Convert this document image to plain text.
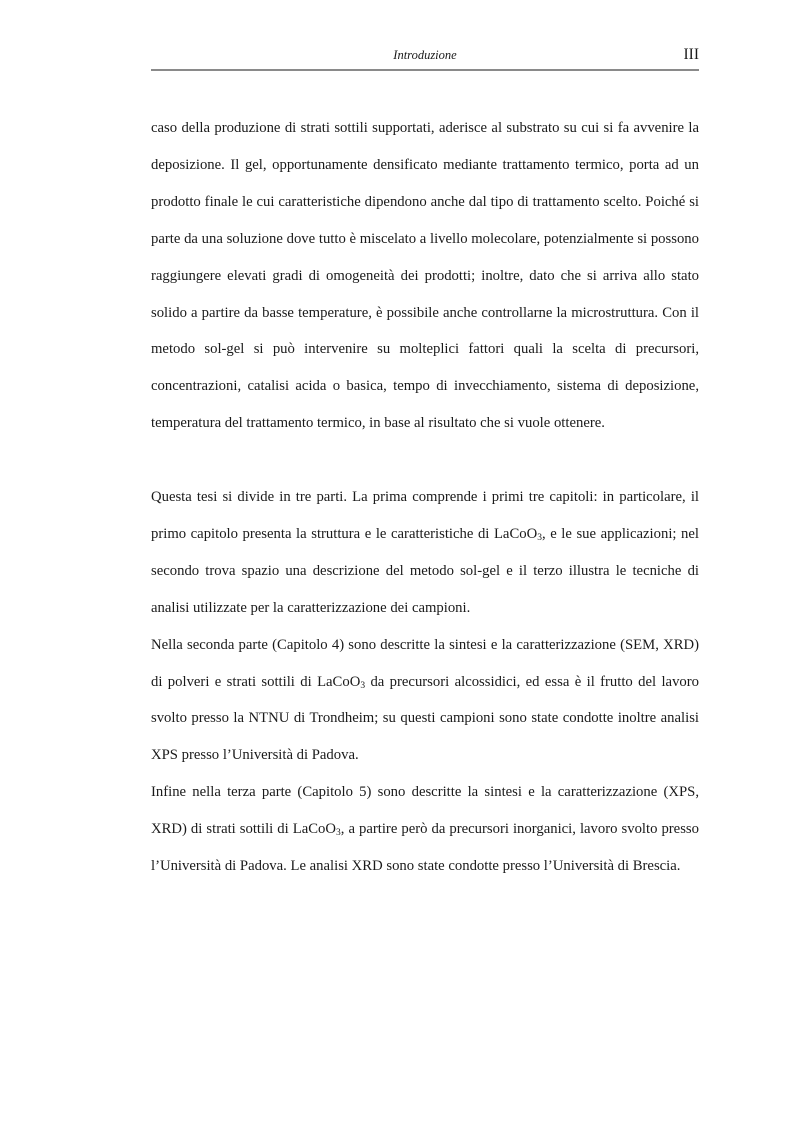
Introduzione	III

caso della produzione di strati sottili supportati, aderisce al substrato su cui si fa avvenire la deposizione. Il gel, opportunamente densificato mediante trattamento termico, porta ad un prodotto finale le cui caratteristiche dipendono anche dal tipo di trattamento scelto. Poiché si parte da una soluzione dove tutto è miscelato a livello molecolare, potenzialmente si possono raggiungere elevati gradi di omogeneità dei prodotti; inoltre, dato che si arriva allo stato solido a partire da basse temperature, è possibile anche controllarne la microstruttura. Con il metodo sol-gel si può intervenire su molteplici fattori quali la scelta di precursori, concentrazioni, catalisi acida o basica, tempo di invecchiamento, sistema di deposizione, temperatura del trattamento termico, in base al risultato che si vuole ottenere.

Questa tesi si divide in tre parti. La prima comprende i primi tre capitoli: in particolare, il primo capitolo presenta la struttura e le caratteristiche di LaCoO$_3$, e le sue applicazioni; nel secondo trova spazio una descrizione del metodo sol-gel e il terzo illustra le tecniche di analisi utilizzate per la caratterizzazione dei campioni.

Nella seconda parte (Capitolo 4) sono descritte la sintesi e la caratterizzazione (SEM, XRD) di polveri e strati sottili di LaCoO$_3$ da precursori alcossidici, ed essa è il frutto del lavoro svolto presso la NTNU di Trondheim; su questi campioni sono state condotte inoltre analisi XPS presso l’Università di Padova.

Infine nella terza parte (Capitolo 5) sono descritte la sintesi e la caratterizzazione (XPS, XRD) di strati sottili di LaCoO$_3$, a partire però da precursori inorganici, lavoro svolto presso l’Università di Padova. Le analisi XRD sono state condotte presso l’Università di Brescia.
